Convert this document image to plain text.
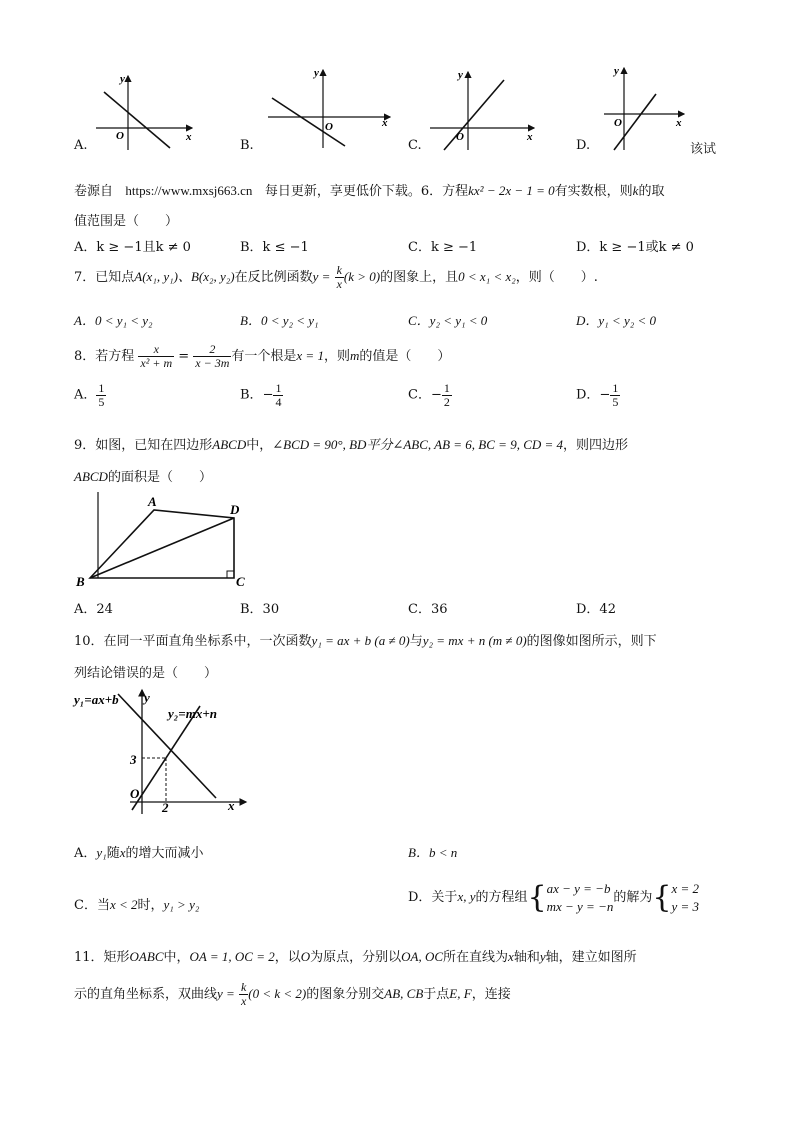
y
O	x
y
O	x
y
O	x
y
O	x
A.	B.	C.	D.	该试
卷源自 https://www.mxsj663.cn 每日更新，享更低价下载。6．方程kx² − 2x − 1 = 0有实数根，则k的取
值范围是（　　）
A．k ≥ −1且k ≠ 0	B．k ≤ −1	C．k ≥ −1	D．k ≥ −1或k ≠ 0
7．已知点A(x₁, y₁)、B(x₂, y₂)在反比例函数$y = \frac{k}{x} (k > 0)$的图象上，且0 < x₁ < x₂，则（　　）.
A．0 < y₁ < y₂	B．0 < y₂ < y₁	C．y₂ < y₁ < 0	D．y₁ < y₂ < 0
8．若方程 $\frac{x}{\text{x² + m}} = \frac{2}{x - 3m}$ 有一个根是x = 1，则m的值是（　　）
A． $\frac{1}{5}$	B．− $\frac{1}{4}$	C．− $\frac{1}{2}$	D．− $\frac{1}{5}$
9．如图，已知在四边形ABCD中，∠BCD = 90°, BD平分∠ABC, AB = 6, BC = 9, CD = 4，则四边形
ABCD的面积是（　　）
A
D
B	C
A．24	B．30	C．36	D．42
10．在同一平面直角坐标系中，一次函数y₁ = ax + b (a ≠ 0)与y₂ = mx + n (m ≠ 0)的图像如图所示，则下
列结论错误的是（　　）
y₁=ax+b y
y₂=mx+n
3
O
2	x
A．y₁随x的增大而减小	B．b < n
C．当x < 2时，y₁ > y₂	D．关于x, y的方程组{ ax − y = −b
mx − y = −n
的解为{ x = 2
y = 3
11．矩形OABC中，OA = 1, OC = 2，以O为原点，分别以OA, OC所在直线为x轴和y轴，建立如图所
示的直角坐标系，双曲线$y = \frac{k}{x} (0 < k < 2)$的图象分别交AB, CB于点E, F，连接
